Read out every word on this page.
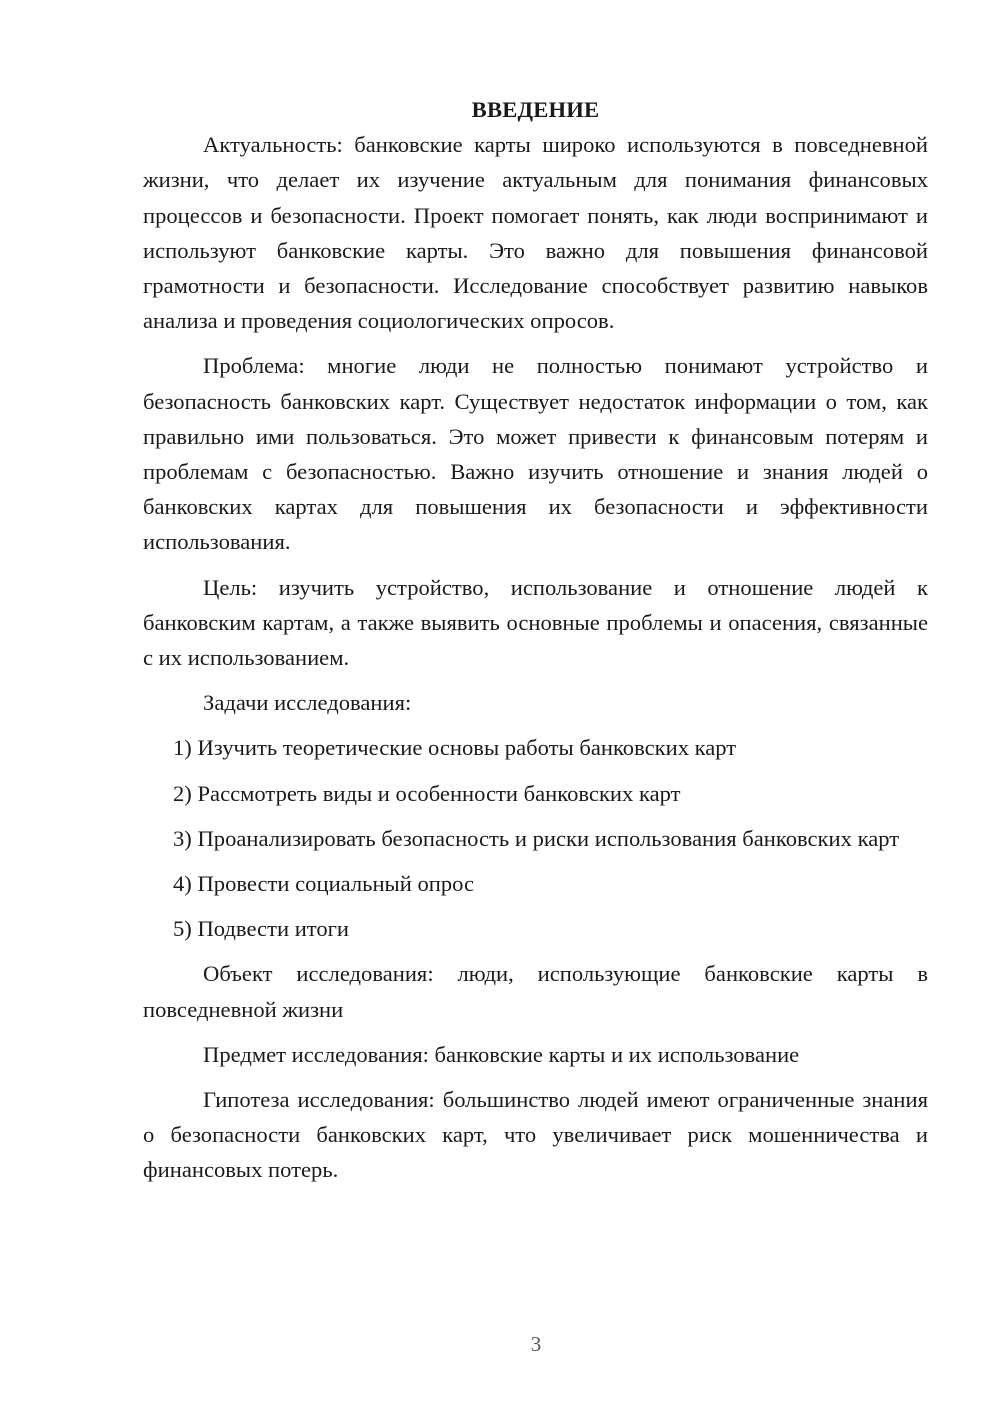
ВВЕДЕНИЕ

Актуальность: банковские карты широко используются в повседневной жизни, что делает их изучение актуальным для понимания финансовых процессов и безопасности. Проект помогает понять, как люди воспринимают и используют банковские карты. Это важно для повышения финансовой грамотности и безопасности. Исследование способствует развитию навыков анализа и проведения социологических опросов.

Проблема: многие люди не полностью понимают устройство и безопасность банковских карт. Существует недостаток информации о том, как правильно ими пользоваться. Это может привести к финансовым потерям и проблемам с безопасностью. Важно изучить отношение и знания людей о банковских картах для повышения их безопасности и эффективности использования.

Цель: изучить устройство, использование и отношение людей к банковским картам, а также выявить основные проблемы и опасения, связанные с их использованием.

Задачи исследования:

1) Изучить теоретические основы работы банковских карт

2) Рассмотреть виды и особенности банковских карт

3) Проанализировать безопасность и риски использования банковских карт

4) Провести социальный опрос

5) Подвести итоги

Объект исследования: люди, использующие банковские карты в повседневной жизни

Предмет исследования: банковские карты и их использование

Гипотеза исследования: большинство людей имеют ограниченные знания о безопасности банковских карт, что увеличивает риск мошенничества и финансовых потерь.

3
